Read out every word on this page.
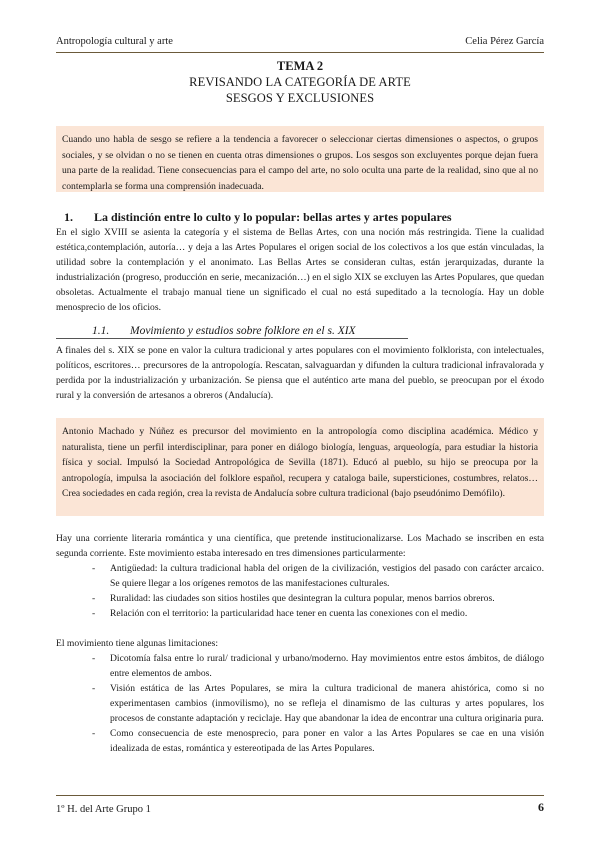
Antropología cultural y arte	Celia Pérez García
TEMA 2
REVISANDO LA CATEGORÍA DE ARTE
SESGOS Y EXCLUSIONES
Cuando uno habla de sesgo se refiere a la tendencia a favorecer o seleccionar ciertas dimensiones o aspectos, o grupos sociales, y se olvidan o no se tienen en cuenta otras dimensiones o grupos. Los sesgos son excluyentes porque dejan fuera una parte de la realidad. Tiene consecuencias para el campo del arte, no solo oculta una parte de la realidad, sino que al no contemplarla se forma una comprensión inadecuada.
1.	La distinción entre lo culto y lo popular: bellas artes y artes populares
En el siglo XVIII se asienta la categoría y el sistema de Bellas Artes, con una noción más restringida. Tiene la cualidad estética,contemplación, autoría… y deja a las Artes Populares el origen social de los colectivos a los que están vinculadas, la utilidad sobre la contemplación y el anonimato. Las Bellas Artes se consideran cultas, están jerarquizadas, durante la industrialización (progreso, producción en serie, mecanización…) en el siglo XIX se excluyen las Artes Populares, que quedan obsoletas. Actualmente el trabajo manual tiene un significado el cual no está supeditado a la tecnología. Hay un doble menosprecio de los oficios.
1.1.	Movimiento y estudios sobre folklore en el s. XIX
A finales del s. XIX se pone en valor la cultura tradicional y artes populares con el movimiento folklorista, con intelectuales, políticos, escritores… precursores de la antropología. Rescatan, salvaguardan y difunden la cultura tradicional infravalorada y perdida por la industrialización y urbanización. Se piensa que el auténtico arte mana del pueblo, se preocupan por el éxodo rural y la conversión de artesanos a obreros (Andalucía).
Antonio Machado y Núñez es precursor del movimiento en la antropología como disciplina académica. Médico y naturalista, tiene un perfil interdisciplinar, para poner en diálogo biología, lenguas, arqueología, para estudiar la historia física y social. Impulsó la Sociedad Antropológica de Sevilla (1871). Educó al pueblo, su hijo se preocupa por la antropología, impulsa la asociación del folklore español, recupera y cataloga baile, supersticiones, costumbres, relatos… Crea sociedades en cada región, crea la revista de Andalucía sobre cultura tradicional (bajo pseudónimo Demófilo).
Hay una corriente literaria romántica y una científica, que pretende institucionalizarse. Los Machado se inscriben en esta segunda corriente. Este movimiento estaba interesado en tres dimensiones particularmente:
- Antigüedad: la cultura tradicional habla del origen de la civilización, vestigios del pasado con carácter arcaico. Se quiere llegar a los orígenes remotos de las manifestaciones culturales.
- Ruralidad: las ciudades son sitios hostiles que desintegran la cultura popular, menos barrios obreros.
- Relación con el territorio: la particularidad hace tener en cuenta las conexiones con el medio.
El movimiento tiene algunas limitaciones:
- Dicotomía falsa entre lo rural/ tradicional y urbano/moderno. Hay movimientos entre estos ámbitos, de diálogo entre elementos de ambos.
- Visión estática de las Artes Populares, se mira la cultura tradicional de manera ahistórica, como si no experimentasen cambios (inmovilismo), no se refleja el dinamismo de las culturas y artes populares, los procesos de constante adaptación y reciclaje. Hay que abandonar la idea de encontrar una cultura originaria pura.
- Como consecuencia de este menosprecio, para poner en valor a las Artes Populares se cae en una visión idealizada de estas, romántica y estereotipada de las Artes Populares.
1º H. del Arte Grupo 1	6
